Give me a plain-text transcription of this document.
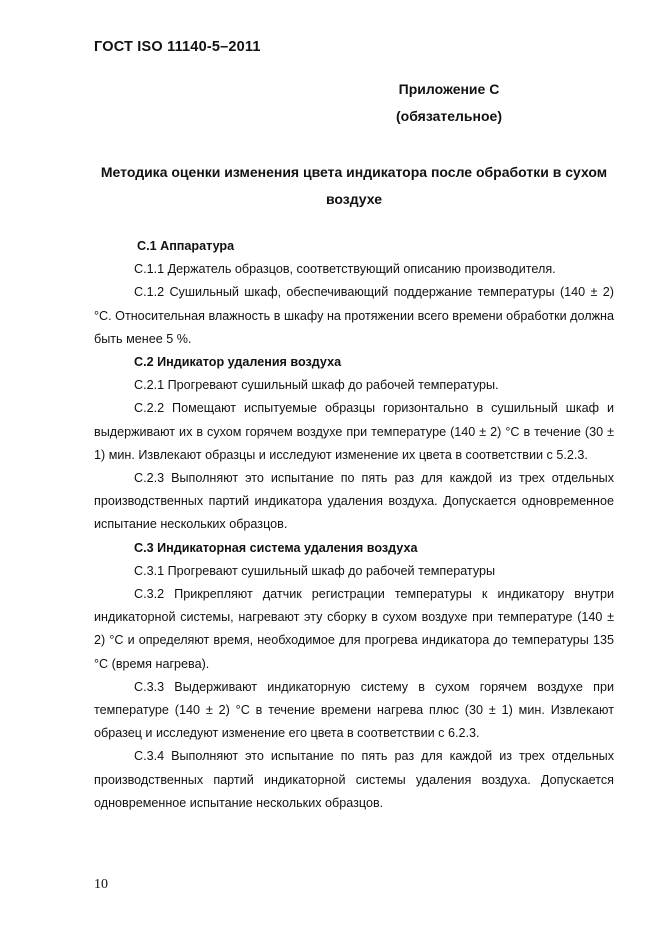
ГОСТ ISO 11140-5–2011
Приложение С
(обязательное)
Методика оценки изменения цвета индикатора после обработки в сухом воздухе

С.1 Аппаратура

С.1.1 Держатель образцов, соответствующий описанию производителя.

С.1.2 Сушильный шкаф, обеспечивающий поддержание температуры (140 ± 2) °С. Относительная влажность в шкафу на протяжении всего времени обработки должна быть менее 5 %.

С.2 Индикатор удаления воздуха

С.2.1 Прогревают сушильный шкаф до рабочей температуры.

С.2.2 Помещают испытуемые образцы горизонтально в сушильный шкаф и выдерживают их в сухом горячем воздухе при температуре (140 ± 2) °С в течение (30 ± 1) мин. Извлекают образцы и исследуют изменение их цвета в соответствии с 5.2.3.

С.2.3 Выполняют это испытание по пять раз для каждой из трех отдельных производственных партий индикатора удаления воздуха. Допускается одновременное испытание нескольких образцов.

С.3 Индикаторная система удаления воздуха

С.3.1 Прогревают сушильный шкаф до рабочей температуры

С.3.2 Прикрепляют датчик регистрации температуры к индикатору внутри индикаторной системы, нагревают эту сборку в сухом воздухе при температуре (140 ± 2) °С и определяют время, необходимое для прогрева индикатора до температуры 135 °С (время нагрева).

С.3.3 Выдерживают индикаторную систему в сухом горячем воздухе при температуре (140 ± 2) °С в течение времени нагрева плюс (30 ± 1) мин. Извлекают образец и исследуют изменение его цвета в соответствии с 6.2.3.

С.3.4 Выполняют это испытание по пять раз для каждой из трех отдельных производственных партий индикаторной системы удаления воздуха. Допускается одновременное испытание нескольких образцов.

10
